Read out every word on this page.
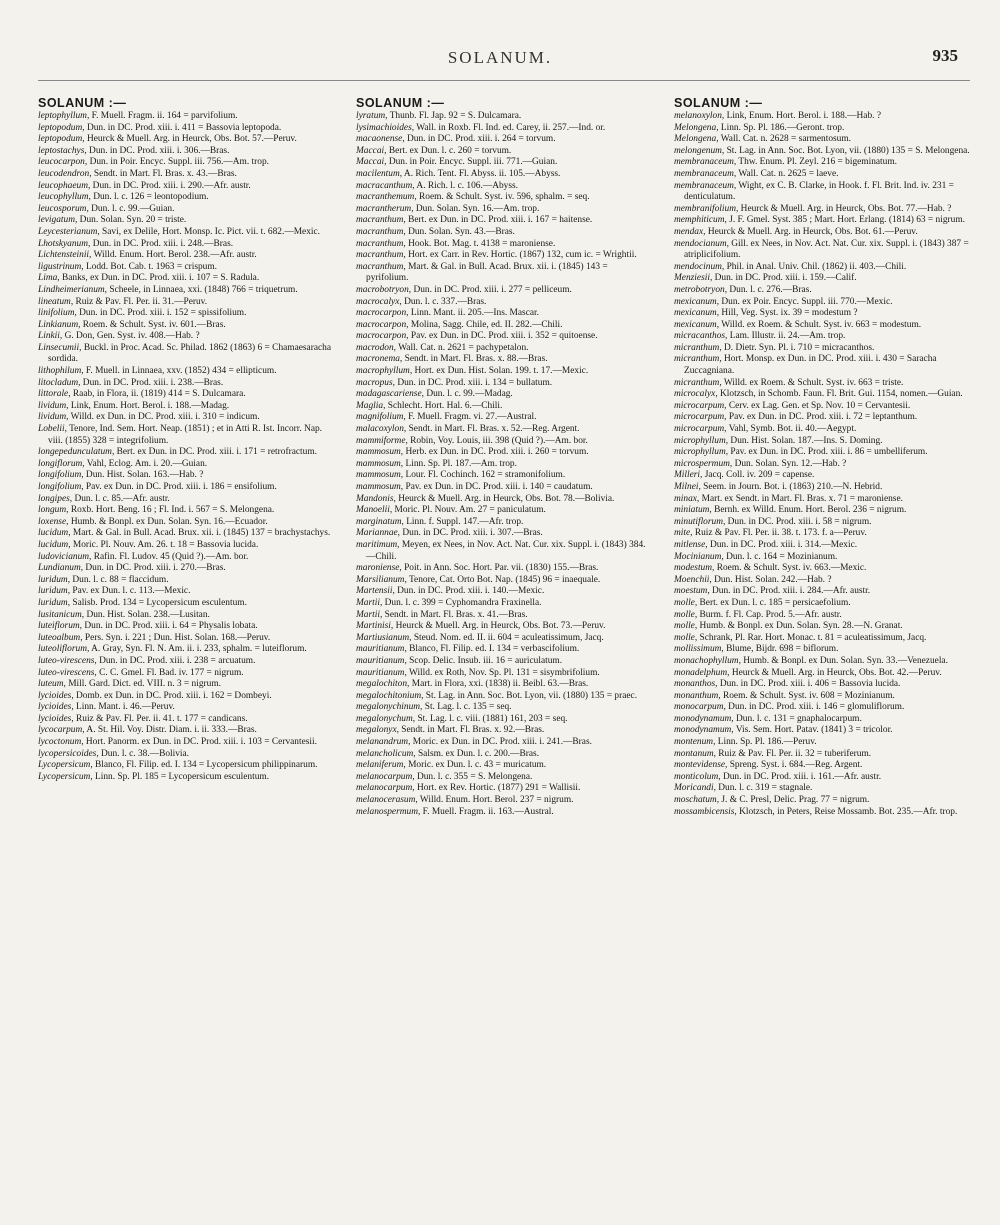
SOLANUM.	935
SOLANUM :—

leptophyllum, F. Muell. Fragm. ii. 164 = parvifolium.

leptopodum, Dun. in DC. Prod. xiii. i. 411 = Bassovia leptopoda.

leptopodum, Heurck & Muell. Arg. in Heurck, Obs. Bot. 57.—Peruv.

leptostachys, Dun. in DC. Prod. xiii. i. 306.—Bras.

leucocarpon, Dun. in Poir. Encyc. Suppl. iii. 756.—Am. trop.

leucodendron, Sendt. in Mart. Fl. Bras. x. 43.—Bras.

leucophaeum, Dun. in DC. Prod. xiii. i. 290.—Afr. austr.

leucophyllum, Dun. l. c. 126 = leontopodium.

leucosporum, Dun. l. c. 99.—Guian.

levigatum, Dun. Solan. Syn. 20 = triste.

Leycesterianum, Savi, ex Delile, Hort. Monsp. Ic. Pict. vii. t. 682.—Mexic.

Lhotskyanum, Dun. in DC. Prod. xiii. i. 248.—Bras.

Lichtensteinii, Willd. Enum. Hort. Berol. 238.—Afr. austr.

ligustrinum, Lodd. Bot. Cab. t. 1963 = crispum.

Lima, Banks, ex Dun. in DC. Prod. xiii. i. 107 = S. Radula.

Lindheimerianum, Scheele, in Linnaea, xxi. (1848) 766 = triquetrum.

lineatum, Ruiz & Pav. Fl. Per. ii. 31.—Peruv.

linifolium, Dun. in DC. Prod. xiii. i. 152 = spissifolium.

Linkianum, Roem. & Schult. Syst. iv. 601.—Bras.

Linkii, G. Don, Gen. Syst. iv. 408.—Hab. ?

Linsecumii, Buckl. in Proc. Acad. Sc. Philad. 1862 (1863) 6 = Chamaesaracha sordida.

lithophilum, F. Muell. in Linnaea, xxv. (1852) 434 = ellipticum.

litocladum, Dun. in DC. Prod. xiii. i. 238.—Bras.

littorale, Raab, in Flora, ii. (1819) 414 = S. Dulcamara.

lividum, Link, Enum. Hort. Berol. i. 188.—Madag.

lividum, Willd. ex Dun. in DC. Prod. xiii. i. 310 = indicum.

Lobelii, Tenore, Ind. Sem. Hort. Neap. (1851) ; et in Atti R. Ist. Incorr. Nap. viii. (1855) 328 = integrifolium.

longepedunculatum, Bert. ex Dun. in DC. Prod. xiii. i. 171 = retrofractum.

longiflorum, Vahl, Eclog. Am. i. 20.—Guian.

longifolium, Dun. Hist. Solan. 163.—Hab. ?

longifolium, Pav. ex Dun. in DC. Prod. xiii. i. 186 = ensifolium.

longipes, Dun. l. c. 85.—Afr. austr.

longum, Roxb. Hort. Beng. 16 ; Fl. Ind. i. 567 = S. Melongena.

loxense, Humb. & Bonpl. ex Dun. Solan. Syn. 16.—Ecuador.

lucidum, Mart. & Gal. in Bull. Acad. Brux. xii. i. (1845) 137 = brachystachys.

lucidum, Moric. Pl. Nouv. Am. 26. t. 18 = Bassovia lucida.

ludovicianum, Rafin. Fl. Ludov. 45 (Quid ?).—Am. bor.

Lundianum, Dun. in DC. Prod. xiii. i. 270.—Bras.

luridum, Dun. l. c. 88 = flaccidum.

luridum, Pav. ex Dun. l. c. 113.—Mexic.

luridum, Salisb. Prod. 134 = Lycopersicum esculentum.

lusitanicum, Dun. Hist. Solan. 238.—Lusitan.

luteiflorum, Dun. in DC. Prod. xiii. i. 64 = Physalis lobata.

luteoalbum, Pers. Syn. i. 221 ; Dun. Hist. Solan. 168.—Peruv.

luteoliflorum, A. Gray, Syn. Fl. N. Am. ii. i. 233, sphalm. = luteiflorum.

luteo-virescens, Dun. in DC. Prod. xiii. i. 238 = arcuatum.

luteo-virescens, C. C. Gmel. Fl. Bad. iv. 177 = nigrum.

luteum, Mill. Gard. Dict. ed. VIII. n. 3 = nigrum.

lycioides, Domb. ex Dun. in DC. Prod. xiii. i. 162 = Dombeyi.

lycioides, Linn. Mant. i. 46.—Peruv.

lycioides, Ruiz & Pav. Fl. Per. ii. 41. t. 177 = candicans.

lycocarpum, A. St. Hil. Voy. Distr. Diam. i. ii. 333.—Bras.

lycoctonum, Hort. Panorm. ex Dun. in DC. Prod. xiii. i. 103 = Cervantesii.

lycopersicoides, Dun. l. c. 38.—Bolivia.

Lycopersicum, Blanco, Fl. Filip. ed. I. 134 = Lycopersicum philippinarum.

Lycopersicum, Linn. Sp. Pl. 185 = Lycopersicum esculentum.

SOLANUM :—

lyratum, Thunb. Fl. Jap. 92 = S. Dulcamara.

lysimachioides, Wall. in Roxb. Fl. Ind. ed. Carey, ii. 257.—Ind. or.

macaonense, Dun. in DC. Prod. xiii. i. 264 = torvum.

Maccai, Bert. ex Dun. l. c. 260 = torvum.

Maccai, Dun. in Poir. Encyc. Suppl. iii. 771.—Guian.

macilentum, A. Rich. Tent. Fl. Abyss. ii. 105.—Abyss.

macracanthum, A. Rich. l. c. 106.—Abyss.

macranthemum, Roem. & Schult. Syst. iv. 596, sphalm. = seq.

macrantherum, Dun. Solan. Syn. 16.—Am. trop.

macranthum, Bert. ex Dun. in DC. Prod. xiii. i. 167 = haitense.

macranthum, Dun. Solan. Syn. 43.—Bras.

macranthum, Hook. Bot. Mag. t. 4138 = maroniense.

macranthum, Hort. ex Carr. in Rev. Hortic. (1867) 132, cum ic. = Wrightii.

macranthum, Mart. & Gal. in Bull. Acad. Brux. xii. i. (1845) 143 = pyrifolium.

macrobotryon, Dun. in DC. Prod. xiii. i. 277 = pelliceum.

macrocalyx, Dun. l. c. 337.—Bras.

macrocarpon, Linn. Mant. ii. 205.—Ins. Mascar.

macrocarpon, Molina, Sagg. Chile, ed. II. 282.—Chili.

macrocarpon, Pav. ex Dun. in DC. Prod. xiii. i. 352 = quitoense.

macrodon, Wall. Cat. n. 2621 = pachypetalon.

macronema, Sendt. in Mart. Fl. Bras. x. 88.—Bras.

macrophyllum, Hort. ex Dun. Hist. Solan. 199. t. 17.—Mexic.

macropus, Dun. in DC. Prod. xiii. i. 134 = bullatum.

madagascariense, Dun. l. c. 99.—Madag.

Maglia, Schlecht. Hort. Hal. 6.—Chili.

magnifolium, F. Muell. Fragm. vi. 27.—Austral.

malacoxylon, Sendt. in Mart. Fl. Bras. x. 52.—Reg. Argent.

mammiforme, Robin, Voy. Louis, iii. 398 (Quid ?).—Am. bor.

mammosum, Herb. ex Dun. in DC. Prod. xiii. i. 260 = torvum.

mammosum, Linn. Sp. Pl. 187.—Am. trop.

mammosum, Lour. Fl. Cochinch. 162 = stramonifolium.

mammosum, Pav. ex Dun. in DC. Prod. xiii. i. 140 = caudatum.

Mandonis, Heurck & Muell. Arg. in Heurck, Obs. Bot. 78.—Bolivia.

Manoelii, Moric. Pl. Nouv. Am. 27 = paniculatum.

marginatum, Linn. f. Suppl. 147.—Afr. trop.

Mariannae, Dun. in DC. Prod. xiii. i. 307.—Bras.

maritimum, Meyen, ex Nees, in Nov. Act. Nat. Cur. xix. Suppl. i. (1843) 384.—Chili.

maroniense, Poit. in Ann. Soc. Hort. Par. vii. (1830) 155.—Bras.

Marsilianum, Tenore, Cat. Orto Bot. Nap. (1845) 96 = inaequale.

Martensii, Dun. in DC. Prod. xiii. i. 140.—Mexic.

Martii, Dun. l. c. 399 = Cyphomandra Fraxinella.

Martii, Sendt. in Mart. Fl. Bras. x. 41.—Bras.

Martinisi, Heurck & Muell. Arg. in Heurck, Obs. Bot. 73.—Peruv.

Martiusianum, Steud. Nom. ed. II. ii. 604 = aculeatissimum, Jacq.

mauritianum, Blanco, Fl. Filip. ed. I. 134 = verbascifolium.

mauritianum, Scop. Delic. Insub. iii. 16 = auriculatum.

mauritianum, Willd. ex Roth, Nov. Sp. Pl. 131 = sisymbrifolium.

megalochiton, Mart. in Flora, xxi. (1838) ii. Beibl. 63.—Bras.

megalochitonium, St. Lag. in Ann. Soc. Bot. Lyon, vii. (1880) 135 = praec.

megalonychinum, St. Lag. l. c. 135 = seq.

megalonychum, St. Lag. l. c. viii. (1881) 161, 203 = seq.

megalonyx, Sendt. in Mart. Fl. Bras. x. 92.—Bras.

melanandrum, Moric. ex Dun. in DC. Prod. xiii. i. 241.—Bras.

melancholicum, Salsm. ex Dun. l. c. 200.—Bras.

melaniferum, Moric. ex Dun. l. c. 43 = muricatum.

melanocarpum, Dun. l. c. 355 = S. Melongena.

melanocarpum, Hort. ex Rev. Hortic. (1877) 291 = Wallisii.

melanocerasum, Willd. Enum. Hort. Berol. 237 = nigrum.

melanospermum, F. Muell. Fragm. ii. 163.—Austral.

SOLANUM :—

melanoxylon, Link, Enum. Hort. Berol. i. 188.—Hab. ?

Melongena, Linn. Sp. Pl. 186.—Geront. trop.

Melongena, Wall. Cat. n. 2628 = sarmentosum.

melongenum, St. Lag. in Ann. Soc. Bot. Lyon, vii. (1880) 135 = S. Melongena.

membranaceum, Thw. Enum. Pl. Zeyl. 216 = bigeminatum.

membranaceum, Wall. Cat. n. 2625 = laeve.

membranaceum, Wight, ex C. B. Clarke, in Hook. f. Fl. Brit. Ind. iv. 231 = denticulatum.

membranifolium, Heurck & Muell. Arg. in Heurck, Obs. Bot. 77.—Hab. ?

memphiticum, J. F. Gmel. Syst. 385 ; Mart. Hort. Erlang. (1814) 63 = nigrum.

mendax, Heurck & Muell. Arg. in Heurck, Obs. Bot. 61.—Peruv.

mendocianum, Gill. ex Nees, in Nov. Act. Nat. Cur. xix. Suppl. i. (1843) 387 = atriplicifolium.

mendocinum, Phil. in Anal. Univ. Chil. (1862) ii. 403.—Chili.

Menziesii, Dun. in DC. Prod. xiii. i. 159.—Calif.

metrobotryon, Dun. l. c. 276.—Bras.

mexicanum, Dun. ex Poir. Encyc. Suppl. iii. 770.—Mexic.

mexicanum, Hill, Veg. Syst. ix. 39 = modestum ?

mexicanum, Willd. ex Roem. & Schult. Syst. iv. 663 = modestum.

micracanthos, Lam. Illustr. ii. 24.—Am. trop.

micranthum, D. Dietr. Syn. Pl. i. 710 = micracanthos.

micranthum, Hort. Monsp. ex Dun. in DC. Prod. xiii. i. 430 = Saracha Zuccagniana.

micranthum, Willd. ex Roem. & Schult. Syst. iv. 663 = triste.

microcalyx, Klotzsch, in Schomb. Faun. Fl. Brit. Gui. 1154, nomen.—Guian.

microcarpum, Cerv. ex Lag. Gen. et Sp. Nov. 10 = Cervantesii.

microcarpum, Pav. ex Dun. in DC. Prod. xiii. i. 72 = leptanthum.

microcarpum, Vahl, Symb. Bot. ii. 40.—Aegypt.

microphyllum, Dun. Hist. Solan. 187.—Ins. S. Doming.

microphyllum, Pav. ex Dun. in DC. Prod. xiii. i. 86 = umbelliferum.

microspermum, Dun. Solan. Syn. 12.—Hab. ?

Milleri, Jacq. Coll. iv. 209 = capense.

Milnei, Seem. in Journ. Bot. i. (1863) 210.—N. Hebrid.

minax, Mart. ex Sendt. in Mart. Fl. Bras. x. 71 = maroniense.

miniatum, Bernh. ex Willd. Enum. Hort. Berol. 236 = nigrum.

minutiflorum, Dun. in DC. Prod. xiii. i. 58 = nigrum.

mite, Ruiz & Pav. Fl. Per. ii. 38. t. 173. f. a—Peruv.

mitlense, Dun. in DC. Prod. xiii. i. 314.—Mexic.

Mocinianum, Dun. l. c. 164 = Mozinianum.

modestum, Roem. & Schult. Syst. iv. 663.—Mexic.

Moenchii, Dun. Hist. Solan. 242.—Hab. ?

moestum, Dun. in DC. Prod. xiii. i. 284.—Afr. austr.

molle, Bert. ex Dun. l. c. 185 = persicaefolium.

molle, Burm. f. Fl. Cap. Prod. 5.—Afr. austr.

molle, Humb. & Bonpl. ex Dun. Solan. Syn. 28.—N. Granat.

molle, Schrank, Pl. Rar. Hort. Monac. t. 81 = aculeatissimum, Jacq.

mollissimum, Blume, Bijdr. 698 = biflorum.

monachophyllum, Humb. & Bonpl. ex Dun. Solan. Syn. 33.—Venezuela.

monadelphum, Heurck & Muell. Arg. in Heurck, Obs. Bot. 42.—Peruv.

monanthos, Dun. in DC. Prod. xiii. i. 406 = Bassovia lucida.

monanthum, Roem. & Schult. Syst. iv. 608 = Mozinianum.

monocarpum, Dun. in DC. Prod. xiii. i. 146 = glomuliflorum.

monodynamum, Dun. l. c. 131 = gnaphalocarpum.

monodynamum, Vis. Sem. Hort. Patav. (1841) 3 = tricolor.

montenum, Linn. Sp. Pl. 186.—Peruv.

montanum, Ruiz & Pav. Fl. Per. ii. 32 = tuberiferum.

montevidense, Spreng. Syst. i. 684.—Reg. Argent.

monticolum, Dun. in DC. Prod. xiii. i. 161.—Afr. austr.

Moricandi, Dun. l. c. 319 = stagnale.

moschatum, J. & C. Presl, Delic. Prag. 77 = nigrum.

mossambicensis, Klotzsch, in Peters, Reise Mossamb. Bot. 235.—Afr. trop.
